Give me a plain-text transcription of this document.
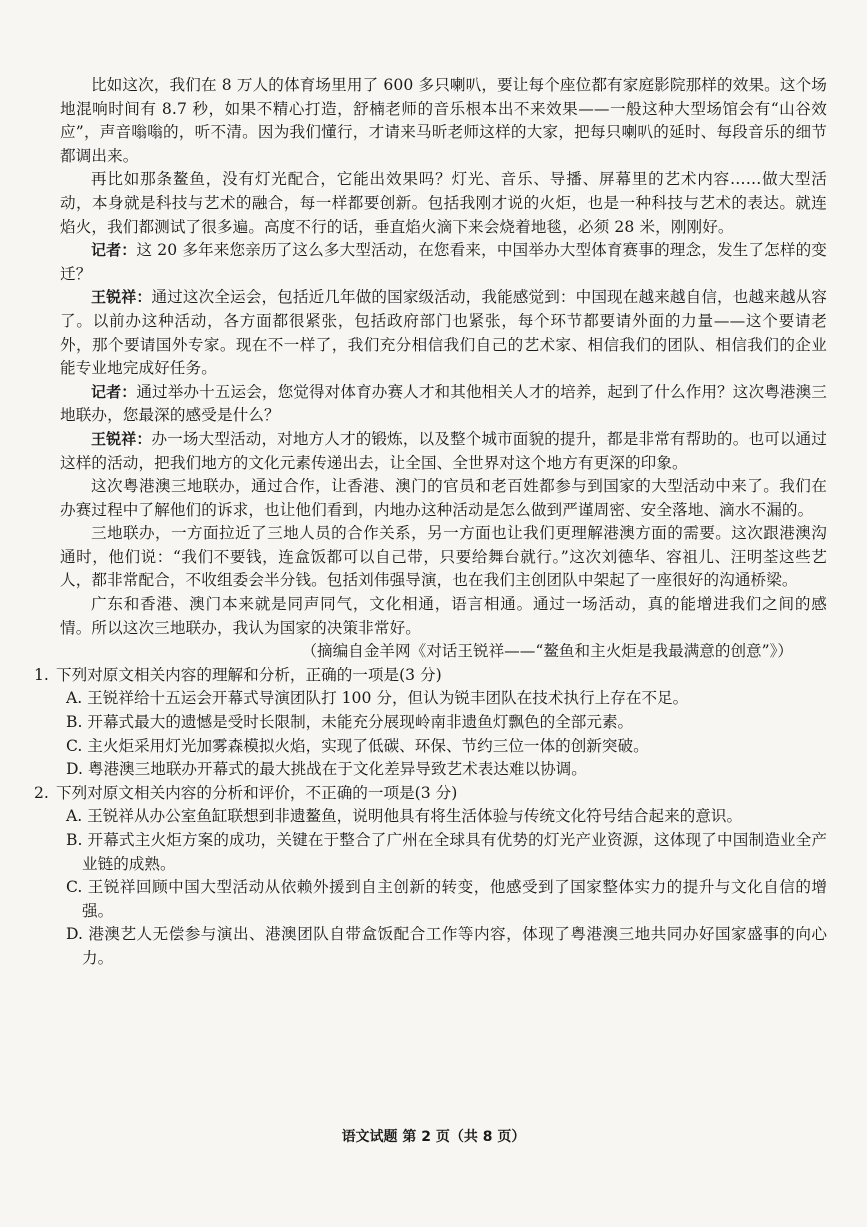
比如这次，我们在 8 万人的体育场里用了 600 多只喇叭，要让每个座位都有家庭影院那样的效果。这个场地混响时间有 8.7 秒，如果不精心打造，舒楠老师的音乐根本出不来效果——一般这种大型场馆会有“山谷效应”，声音嗡嗡的，听不清。因为我们懂行，才请来马昕老师这样的大家，把每只喇叭的延时、每段音乐的细节都调出来。

再比如那条鳌鱼，没有灯光配合，它能出效果吗？灯光、音乐、导播、屏幕里的艺术内容……做大型活动，本身就是科技与艺术的融合，每一样都要创新。包括我刚才说的火炬，也是一种科技与艺术的表达。就连焰火，我们都测试了很多遍。高度不行的话，垂直焰火滴下来会烧着地毯，必须 28 米，刚刚好。

记者：这 20 多年来您亲历了这么多大型活动，在您看来，中国举办大型体育赛事的理念，发生了怎样的变迁？

王锐祥：通过这次全运会，包括近几年做的国家级活动，我能感觉到：中国现在越来越自信，也越来越从容了。以前办这种活动，各方面都很紧张，包括政府部门也紧张，每个环节都要请外面的力量——这个要请老外，那个要请国外专家。现在不一样了，我们充分相信我们自己的艺术家、相信我们的团队、相信我们的企业能专业地完成好任务。

记者：通过举办十五运会，您觉得对体育办赛人才和其他相关人才的培养，起到了什么作用？这次粤港澳三地联办，您最深的感受是什么？

王锐祥：办一场大型活动，对地方人才的锻炼，以及整个城市面貌的提升，都是非常有帮助的。也可以通过这样的活动，把我们地方的文化元素传递出去，让全国、全世界对这个地方有更深的印象。

这次粤港澳三地联办，通过合作，让香港、澳门的官员和老百姓都参与到国家的大型活动中来了。我们在办赛过程中了解他们的诉求，也让他们看到，内地办这种活动是怎么做到严谨周密、安全落地、滴水不漏的。

三地联办，一方面拉近了三地人员的合作关系，另一方面也让我们更理解港澳方面的需要。这次跟港澳沟通时，他们说：“我们不要钱，连盒饭都可以自己带，只要给舞台就行。”这次刘德华、容祖儿、汪明荃这些艺人，都非常配合，不收组委会半分钱。包括刘伟强导演，也在我们主创团队中架起了一座很好的沟通桥梁。

广东和香港、澳门本来就是同声同气，文化相通，语言相通。通过一场活动，真的能增进我们之间的感情。所以这次三地联办，我认为国家的决策非常好。

（摘编自金羊网《对话王锐祥——“鳌鱼和主火炬是我最满意的创意”》）

1. 下列对原文相关内容的理解和分析，正确的一项是(3 分)

A. 王锐祥给十五运会开幕式导演团队打 100 分，但认为锐丰团队在技术执行上存在不足。

B. 开幕式最大的遗憾是受时长限制，未能充分展现岭南非遗鱼灯飘色的全部元素。

C. 主火炬采用灯光加雾森模拟火焰，实现了低碳、环保、节约三位一体的创新突破。

D. 粤港澳三地联办开幕式的最大挑战在于文化差异导致艺术表达难以协调。

2. 下列对原文相关内容的分析和评价，不正确的一项是(3 分)

A. 王锐祥从办公室鱼缸联想到非遗鳌鱼，说明他具有将生活体验与传统文化符号结合起来的意识。

B. 开幕式主火炬方案的成功，关键在于整合了广州在全球具有优势的灯光产业资源，这体现了中国制造业全产业链的成熟。

C. 王锐祥回顾中国大型活动从依赖外援到自主创新的转变，他感受到了国家整体实力的提升与文化自信的增强。

D. 港澳艺人无偿参与演出、港澳团队自带盒饭配合工作等内容，体现了粤港澳三地共同办好国家盛事的向心力。

语文试题 第 2 页（共 8 页）
